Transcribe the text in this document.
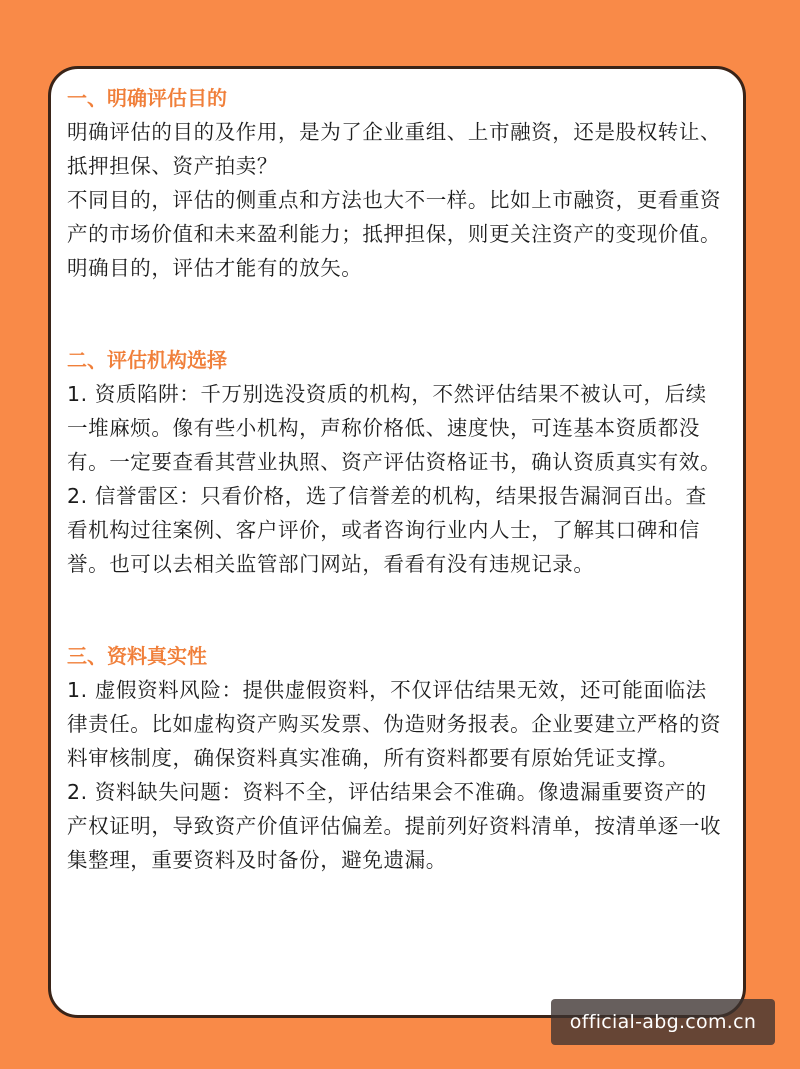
一、明确评估目的

明确评估的目的及作用，是为了企业重组、上市融资，还是股权转让、抵押担保、资产拍卖？

不同目的，评估的侧重点和方法也大不一样。比如上市融资，更看重资产的市场价值和未来盈利能力；抵押担保，则更关注资产的变现价值。明确目的，评估才能有的放矢。

二、评估机构选择

1. 资质陷阱：千万别选没资质的机构，不然评估结果不被认可，后续一堆麻烦。像有些小机构，声称价格低、速度快，可连基本资质都没有。一定要查看其营业执照、资产评估资格证书，确认资质真实有效。

2. 信誉雷区：只看价格，选了信誉差的机构，结果报告漏洞百出。查看机构过往案例、客户评价，或者咨询行业内人士，了解其口碑和信誉。也可以去相关监管部门网站，看看有没有违规记录。

三、资料真实性

1. 虚假资料风险：提供虚假资料，不仅评估结果无效，还可能面临法律责任。比如虚构资产购买发票、伪造财务报表。企业要建立严格的资料审核制度，确保资料真实准确，所有资料都要有原始凭证支撑。

2. 资料缺失问题：资料不全，评估结果会不准确。像遗漏重要资产的产权证明，导致资产价值评估偏差。提前列好资料清单，按清单逐一收集整理，重要资料及时备份，避免遗漏。

official-abg.com.cn
